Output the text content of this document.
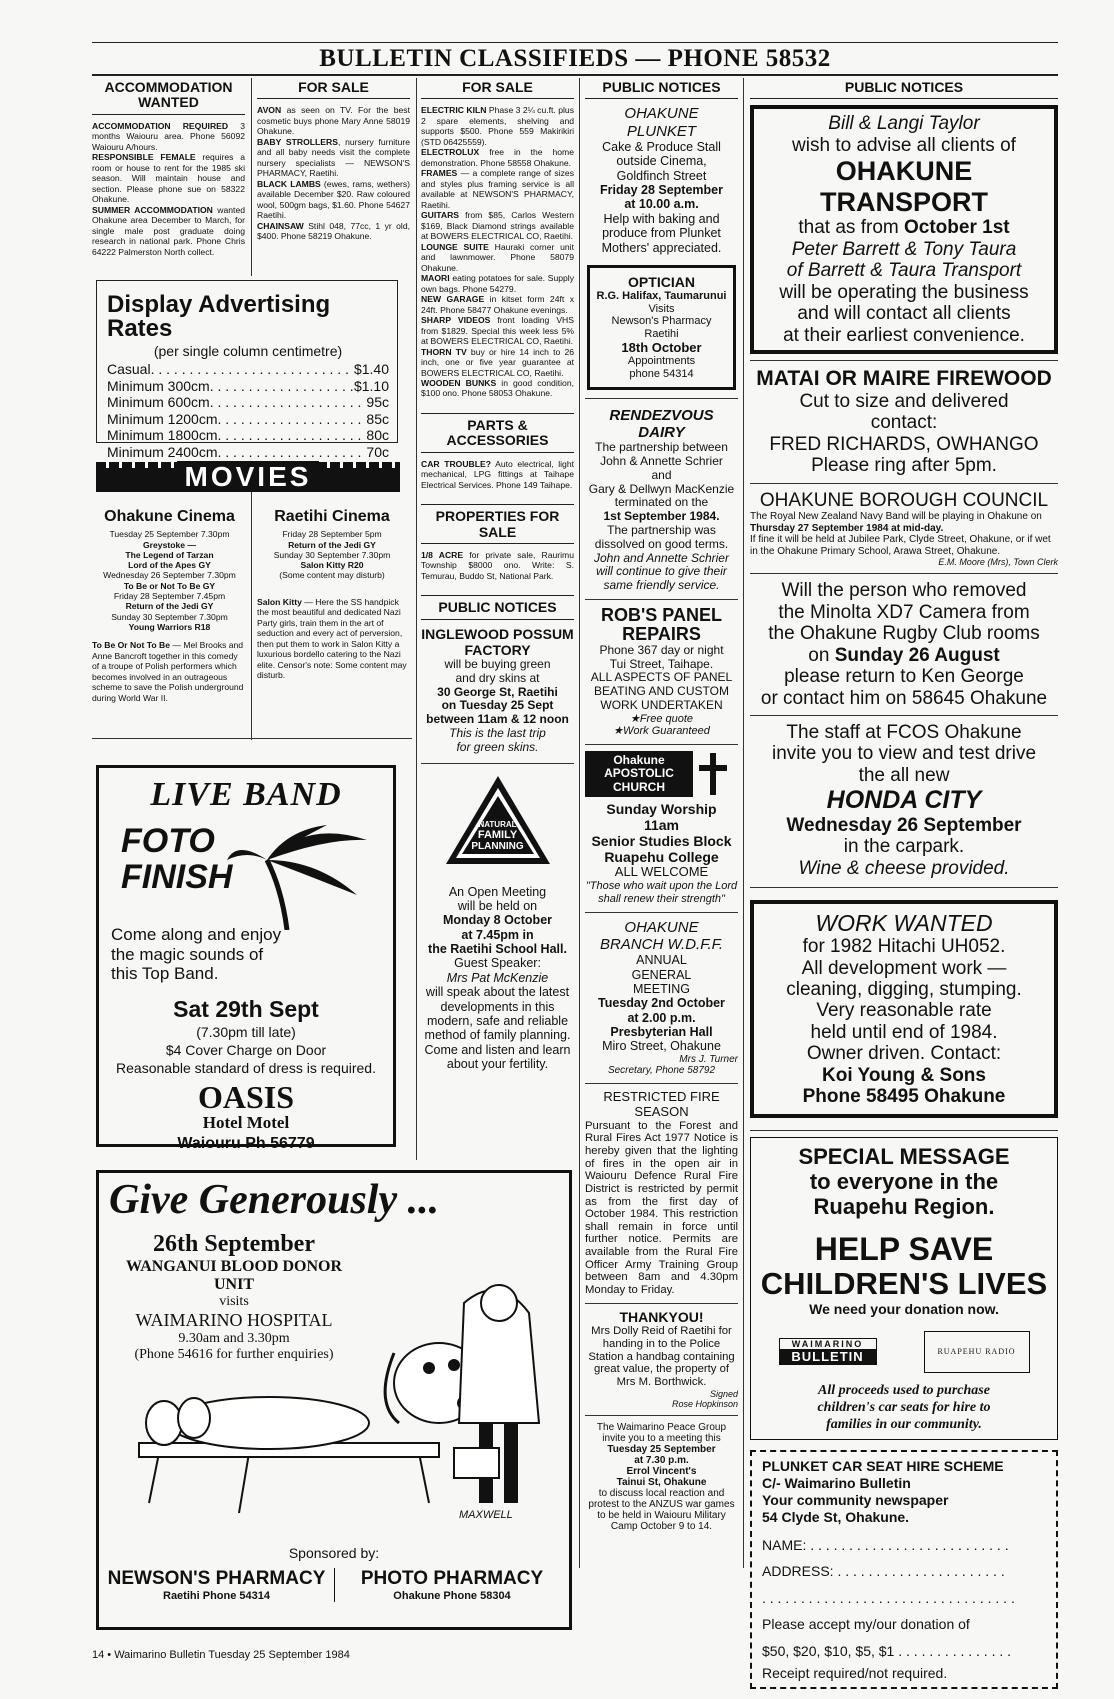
BULLETIN CLASSIFIEDS — PHONE 58532
ACCOMMODATION WANTED
ACCOMMODATION REQUIRED 3 months Waiouru area. Phone 56092 Waiouru A/hours.
RESPONSIBLE FEMALE requires a room or house to rent for the 1985 ski season. Will maintain house and section. Please phone sue on 58322 Ohakune.
SUMMER ACCOMMODATION wanted Ohakune area December to March, for single male post graduate doing research in national park. Phone Chris 64222 Palmerston North collect.
FOR SALE
AVON as seen on TV. For the best cosmetic buys phone Mary Anne 58019 Ohakune.
BABY STROLLERS, nursery furniture and all baby needs visit the complete nursery specialists — NEWSON'S PHARMACY, Raetihi.
BLACK LAMBS (ewes, rams, wethers) available December $20. Raw coloured wool, 500gm bags, $1.60. Phone 54627 Raetihi.
CHAINSAW Stihl 048, 77cc, 1 yr old, $400. Phone 58219 Ohakune.
Display Advertising Rates
(per single column centimetre)
Casual . . .	$1.40
Minimum 300cm . . .	$1.10
Minimum 600cm . . .	95c
Minimum 1200cm . . .	85c
Minimum 1800cm . . .	80c
Minimum 2400cm . . .	70c
MOVIES
Ohakune Cinema
Tuesday 25 September 7.30pm
Greystoke —
The Legend of Tarzan
Lord of the Apes GY
Wednesday 26 September 7.30pm
To Be or Not To Be GY
Friday 28 September 7.45pm
Return of the Jedi GY
Sunday 30 September 7.30pm
Young Warriors R18
To Be Or Not To Be — Mel Brooks and Anne Bancroft together in this comedy of a troupe of Polish performers which becomes involved in an outrageous scheme to save the Polish underground during World War II.
Raetihi Cinema
Friday 28 September 5pm
Return of the Jedi GY
Sunday 30 September 7.30pm
Salon Kitty R20
(Some content may disturb)
Salon Kitty — Here the SS handpick the most beautiful and dedicated Nazi Party girls, train them in the art of seduction and every act of perversion, then put them to work in Salon Kitty a luxurious bordello catering to the Nazi elite. Censor's note: Some content may disturb.
LIVE BAND
FOTO
FINISH
Come along and enjoy
the magic sounds of
this Top Band.
Sat 29th Sept
(7.30pm till late)
$4 Cover Charge on Door
Reasonable standard of dress is required.
OASIS
Hotel Motel
Waiouru Ph 56779
FOR SALE
ELECTRIC KILN Phase 3 2¼ cu.ft. plus 2 spare elements, shelving and supports $500. Phone 559 Makirikiri (STD 06425559).
ELECTROLUX free in the home demonstration. Phone 58558 Ohakune.
FRAMES — a complete range of sizes and styles plus framing service is all available at NEWSON'S PHARMACY, Raetihi.
GUITARS from $85, Carlos Western $169, Black Diamond strings available at BOWERS ELECTRICAL CO, Raetihi.
LOUNGE SUITE Hauraki corner unit and lawnmower. Phone 58079 Ohakune.
MAORI eating potatoes for sale. Supply own bags. Phone 54279.
NEW GARAGE in kitset form 24ft x 24ft. Phone 58477 Ohakune evenings.
SHARP VIDEOS front loading VHS from $1829. Special this week less 5% at BOWERS ELECTRICAL CO, Raetihi.
THORN TV buy or hire 14 inch to 26 inch, one or five year guarantee at BOWERS ELECTRICAL CO, Raetihi.
WOODEN BUNKS in good condition, $100 ono. Phone 58053 Ohakune.
PARTS & ACCESSORIES
CAR TROUBLE? Auto electrical, light mechanical, LPG fittings at Taihape Electrical Services. Phone 149 Taihape.
PROPERTIES FOR SALE
1/8 ACRE for private sale, Raurimu Township $8000 ono. Write: S. Temurau, Buddo St, National Park.
PUBLIC NOTICES
INGLEWOOD POSSUM FACTORY
will be buying green
and dry skins at
30 George St, Raetihi
on Tuesday 25 Sept
between 11am & 12 noon
This is the last trip
for green skins.
NATURAL
FAMILY
PLANNING
An Open Meeting
will be held on
Monday 8 October
at 7.45pm in
the Raetihi School Hall.
Guest Speaker:
Mrs Pat McKenzie
will speak about the latest developments in this modern, safe and reliable method of family planning.
Come and listen and learn about your fertility.
Give Generously ...
26th September
WANGANUI BLOOD DONOR UNIT
visits
WAIMARINO HOSPITAL
9.30am and 3.30pm
(Phone 54616 for further enquiries)
MAXWELL
Sponsored by:
NEWSON'S PHARMACY
Raetihi Phone 54314
PHOTO PHARMACY
Ohakune Phone 58304
PUBLIC NOTICES
OHAKUNE
PLUNKET
Cake & Produce Stall
outside Cinema,
Goldfinch Street
Friday 28 September
at 10.00 a.m.
Help with baking and produce from Plunket Mothers' appreciated.
OPTICIAN
R.G. Halifax, Taumarunui
Visits
Newson's Pharmacy
Raetihi
18th October
Appointments
phone 54314
RENDEZVOUS DAIRY
The partnership between John & Annette Schrier
and
Gary & Dellwyn MacKenzie terminated on the
1st September 1984.
The partnership was dissolved on good terms.
John and Annette Schrier will continue to give their same friendly service.
ROB'S PANEL REPAIRS
Phone 367 day or night
Tui Street, Taihape.
ALL ASPECTS OF PANEL BEATING AND CUSTOM WORK UNDERTAKEN
★Free quote
★Work Guaranteed
Ohakune
APOSTOLIC
CHURCH
Sunday Worship
11am
Senior Studies Block
Ruapehu College
ALL WELCOME
"Those who wait upon the Lord shall renew their strength"
OHAKUNE
BRANCH W.D.F.F.
ANNUAL
GENERAL
MEETING
Tuesday 2nd October
at 2.00 p.m.
Presbyterian Hall
Miro Street, Ohakune
Mrs J. Turner
Secretary, Phone 58792
RESTRICTED FIRE SEASON
Pursuant to the Forest and Rural Fires Act 1977 Notice is hereby given that the lighting of fires in the open air in Waiouru Defence Rural Fire District is restricted by permit as from the first day of October 1984. This restriction shall remain in force until further notice. Permits are available from the Rural Fire Officer Army Training Group between 8am and 4.30pm Monday to Friday.
THANKYOU!
Mrs Dolly Reid of Raetihi for handing in to the Police Station a handbag containing great value, the property of Mrs M. Borthwick.
Signed
Rose Hopkinson
The Waimarino Peace Group invite you to a meeting this
Tuesday 25 September
at 7.30 p.m.
Errol Vincent's
Tainui St, Ohakune
to discuss local reaction and protest to the ANZUS war games to be held in Waiouru Military Camp October 9 to 14.
PUBLIC NOTICES
Bill & Langi Taylor
wish to advise all clients of
OHAKUNE TRANSPORT
that as from October 1st
Peter Barrett & Tony Taura
of Barrett & Taura Transport
will be operating the business
and will contact all clients
at their earliest convenience.
MATAI OR MAIRE FIREWOOD
Cut to size and delivered
contact:
FRED RICHARDS, OWHANGO
Please ring after 5pm.
OHAKUNE BOROUGH COUNCIL
The Royal New Zealand Navy Band will be playing in Ohakune on Thursday 27 September 1984 at mid-day.
If fine it will be held at Jubilee Park, Clyde Street, Ohakune, or if wet in the Ohakune Primary School, Arawa Street, Ohakune.
E.M. Moore (Mrs), Town Clerk
Will the person who removed
the Minolta XD7 Camera from
the Ohakune Rugby Club rooms
on Sunday 26 August
please return to Ken George
or contact him on 58645 Ohakune
The staff at FCOS Ohakune
invite you to view and test drive
the all new
HONDA CITY
Wednesday 26 September
in the carpark.
Wine & cheese provided.
WORK WANTED
for 1982 Hitachi UH052.
All development work —
cleaning, digging, stumping.
Very reasonable rate
held until end of 1984.
Owner driven. Contact:
Koi Young & Sons
Phone 58495 Ohakune
SPECIAL MESSAGE
to everyone in the
Ruapehu Region.
HELP SAVE
CHILDREN'S LIVES
We need your donation now.
WAIMARINO
BULLETIN	RUAPEHU RADIO
All proceeds used to purchase children's car seats for hire to families in our community.
PLUNKET CAR SEAT HIRE SCHEME
C/- Waimarino Bulletin
Your community newspaper
54 Clyde St, Ohakune.
NAME: . . . . . . . . . . . . . . . . . . . . . . . . . .
ADDRESS: . . . . . . . . . . . . . . . . . . . . . .
. . . . . . . . . . . . . . . . . . . . . . . . . . . . . . . . .
Please accept my/our donation of
$50, $20, $10, $5, $1 . . . . . . . . . . . . . . .
Receipt required/not required.
14 • Waimarino Bulletin Tuesday 25 September 1984
